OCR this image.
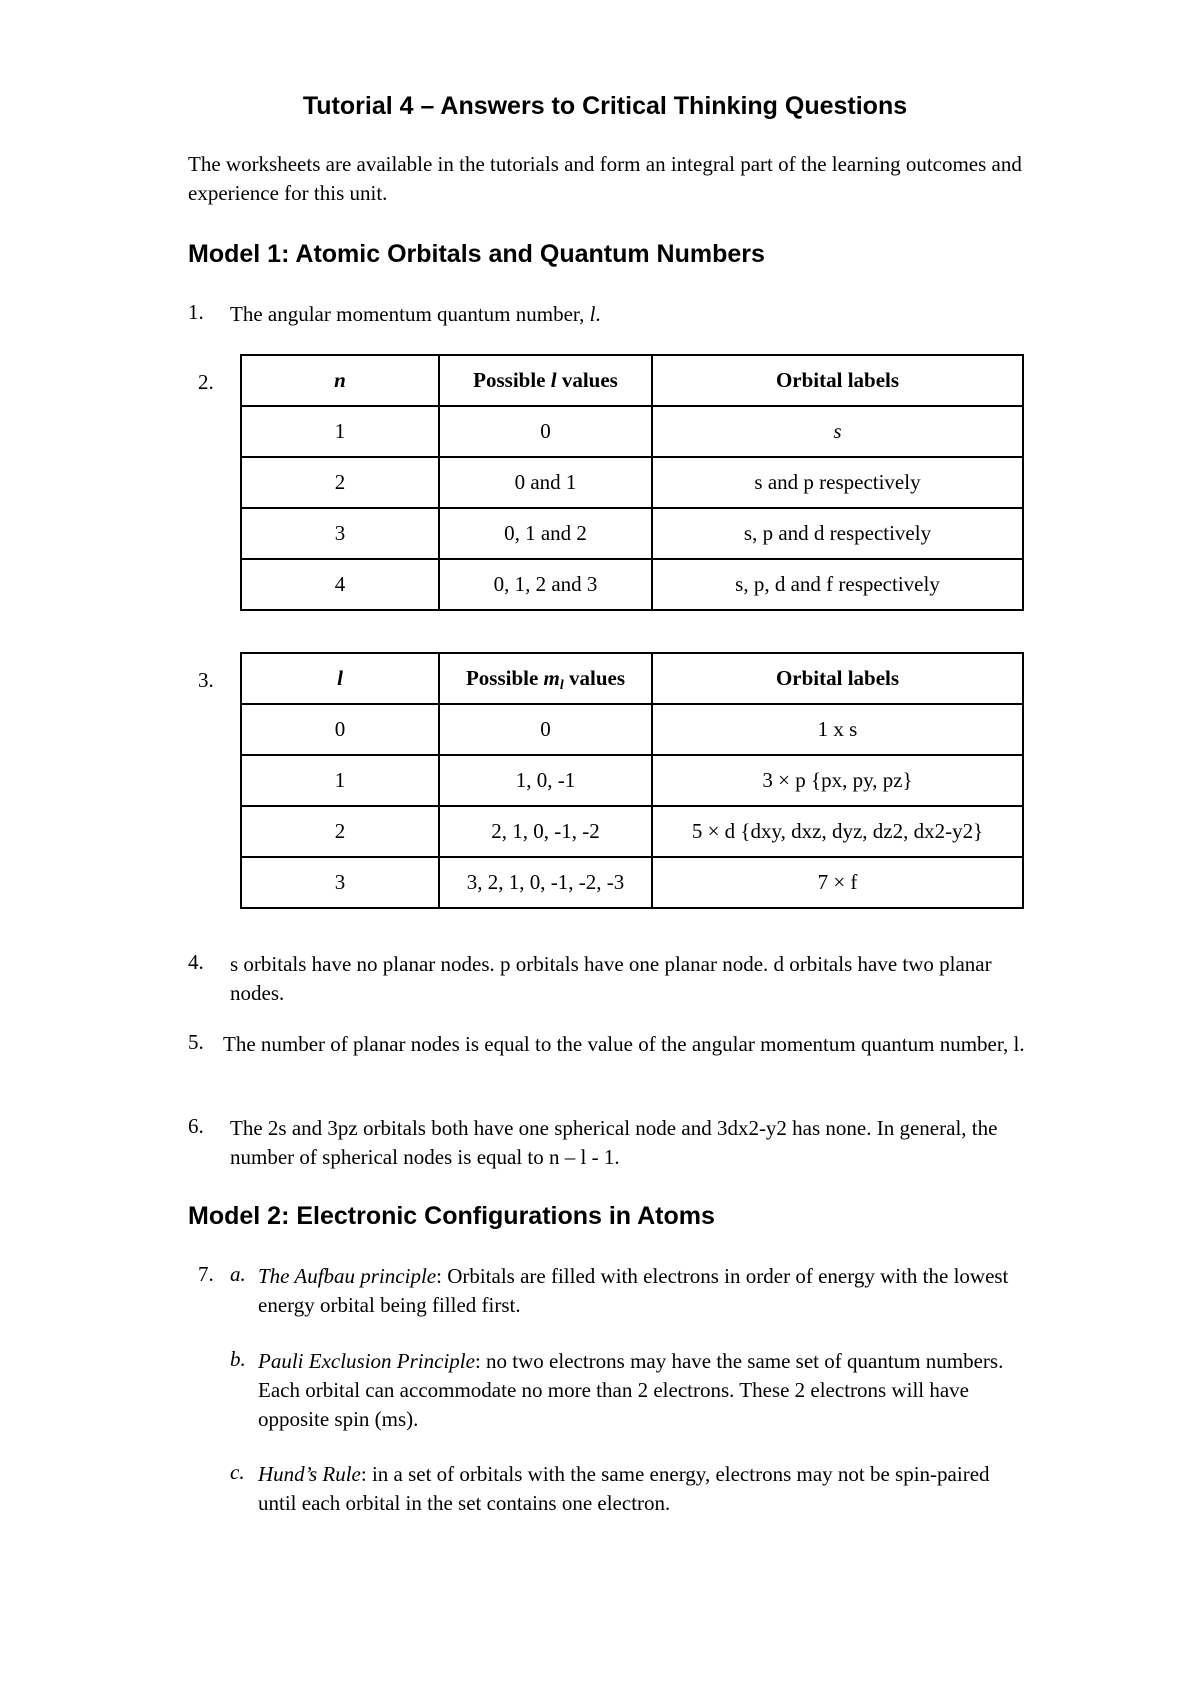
Tutorial 4 – Answers to Critical Thinking Questions
The worksheets are available in the tutorials and form an integral part of the learning outcomes and experience for this unit.
Model 1: Atomic Orbitals and Quantum Numbers
1. The angular momentum quantum number, l.
2.	n	Possible l values	Orbital labels
1	0	s
2	0 and 1	s and p respectively
3	0, 1 and 2	s, p and d respectively
4	0, 1, 2 and 3	s, p, d and f respectively
3.	l	Possible $m_l$ values	Orbital labels
0	0	1 x s
1	1, 0, -1	3 × p {px, py, pz}
2	2, 1, 0, -1, -2	5 × d {dxy, dxz, dyz, dz2, dx2-y2}
3	3, 2, 1, 0, -1, -2, -3	7 × f
4. s orbitals have no planar nodes. p orbitals have one planar node. d orbitals have two planar nodes.
5. The number of planar nodes is equal to the value of the angular momentum quantum number, l.
6. The 2s and 3pz orbitals both have one spherical node and 3dx2-y2 has none. In general, the number of spherical nodes is equal to n – l - 1.
Model 2: Electronic Configurations in Atoms
7. a. The Aufbau principle: Orbitals are filled with electrons in order of energy with the lowest energy orbital being filled first.
b. Pauli Exclusion Principle: no two electrons may have the same set of quantum numbers. Each orbital can accommodate no more than 2 electrons. These 2 electrons will have opposite spin (ms).
c. Hund’s Rule: in a set of orbitals with the same energy, electrons may not be spin-paired until each orbital in the set contains one electron.
